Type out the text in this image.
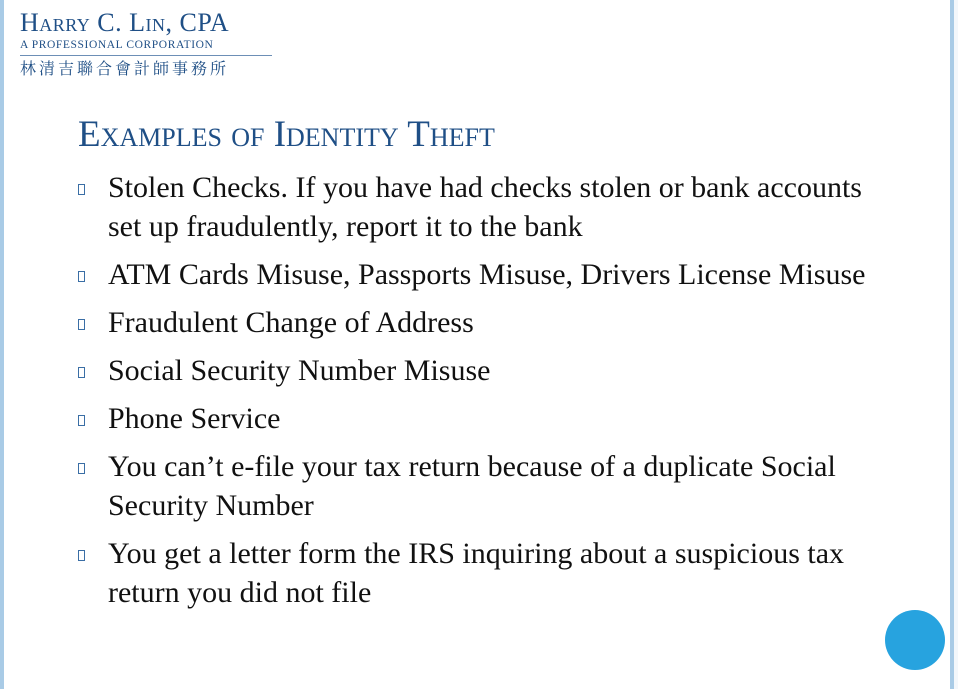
Harry C. Lin, CPA
A PROFESSIONAL CORPORATION
林清吉聯合會計師事務所
Examples of Identity Theft
Stolen Checks. If you have had checks stolen or bank accounts set up fraudulently, report it to the bank
ATM Cards Misuse, Passports Misuse, Drivers License Misuse
Fraudulent Change of Address
Social Security Number Misuse
Phone Service
You can’t e-file your tax return because of a duplicate Social Security Number
You get a letter form the IRS inquiring about a suspicious tax return you did not file
